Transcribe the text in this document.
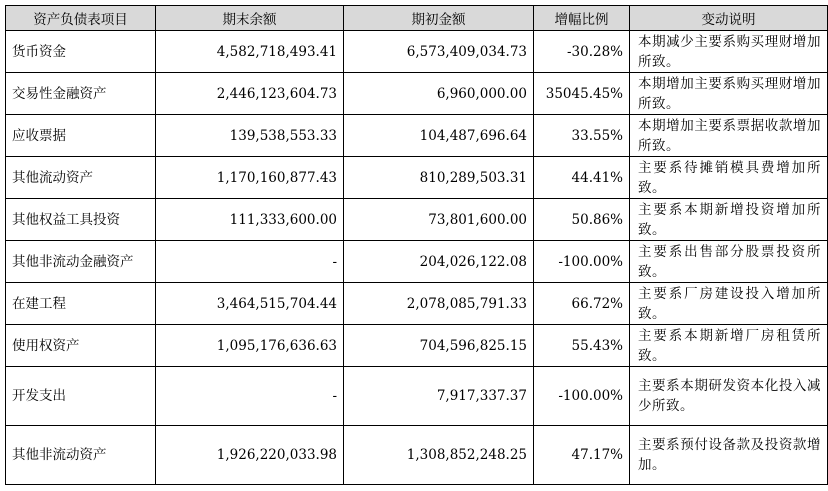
资产负债表项目	期末余额	期初金额	增幅比例	变动说明
货币资金	4,582,718,493.41	6,573,409,034.73	-30.28%	本期减少主要系购买理财增加所致。
交易性金融资产	2,446,123,604.73	6,960,000.00	35045.45%	本期增加主要系购买理财增加所致。
应收票据	139,538,553.33	104,487,696.64	33.55%	本期增加主要系票据收款增加所致。
其他流动资产	1,170,160,877.43	810,289,503.31	44.41%	主要系待摊销模具费增加所致。
其他权益工具投资	111,333,600.00	73,801,600.00	50.86%	主要系本期新增投资增加所致。
其他非流动金融资产	-	204,026,122.08	-100.00%	主要系出售部分股票投资所致。
在建工程	3,464,515,704.44	2,078,085,791.33	66.72%	主要系厂房建设投入增加所致。
使用权资产	1,095,176,636.63	704,596,825.15	55.43%	主要系本期新增厂房租赁所致。
开发支出	-	7,917,337.37	-100.00%	主要系本期研发资本化投入减少所致。
其他非流动资产	1,926,220,033.98	1,308,852,248.25	47.17%	主要系预付设备款及投资款增加。
